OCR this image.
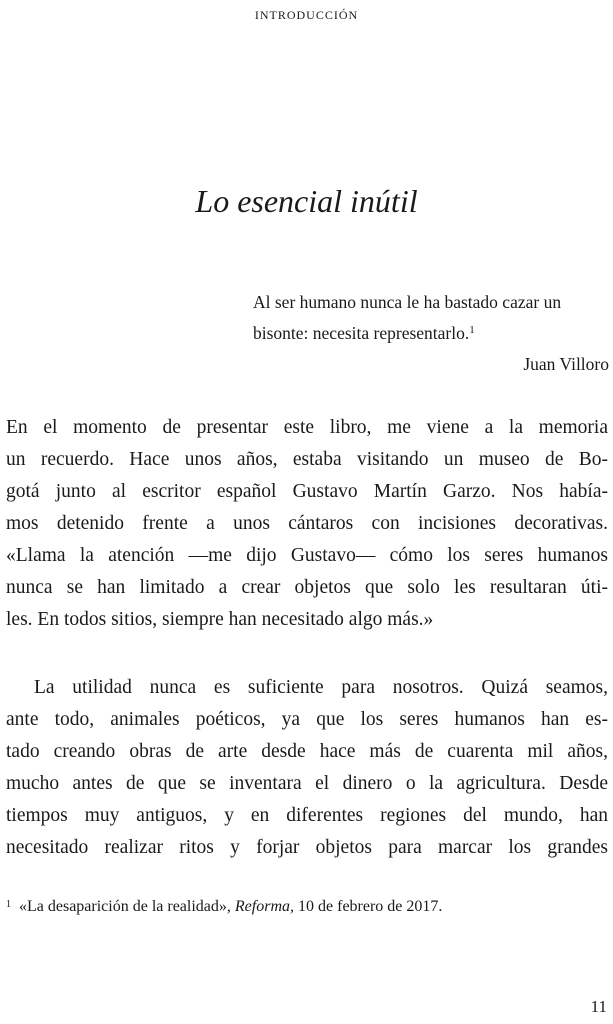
introducción
Lo esencial inútil
Al ser humano nunca le ha bastado cazar un
bisonte: necesita representarlo.$^1$
Juan Villoro
En el momento de presentar este libro, me viene a la memoria
un recuerdo. Hace unos años, estaba visitando un museo de Bo-
gotá junto al escritor español Gustavo Martín Garzo. Nos había-
mos detenido frente a unos cántaros con incisiones decorativas.
«Llama la atención —me dijo Gustavo— cómo los seres humanos
nunca se han limitado a crear objetos que solo les resultaran úti-
les. En todos sitios, siempre han necesitado algo más.»
La utilidad nunca es suficiente para nosotros. Quizá seamos,
ante todo, animales poéticos, ya que los seres humanos han es-
tado creando obras de arte desde hace más de cuarenta mil años,
mucho antes de que se inventara el dinero o la agricultura. Desde
tiempos muy antiguos, y en diferentes regiones del mundo, han
necesitado realizar ritos y forjar objetos para marcar los grandes
$^1$ «La desaparición de la realidad», Reforma, 10 de febrero de 2017.
11
